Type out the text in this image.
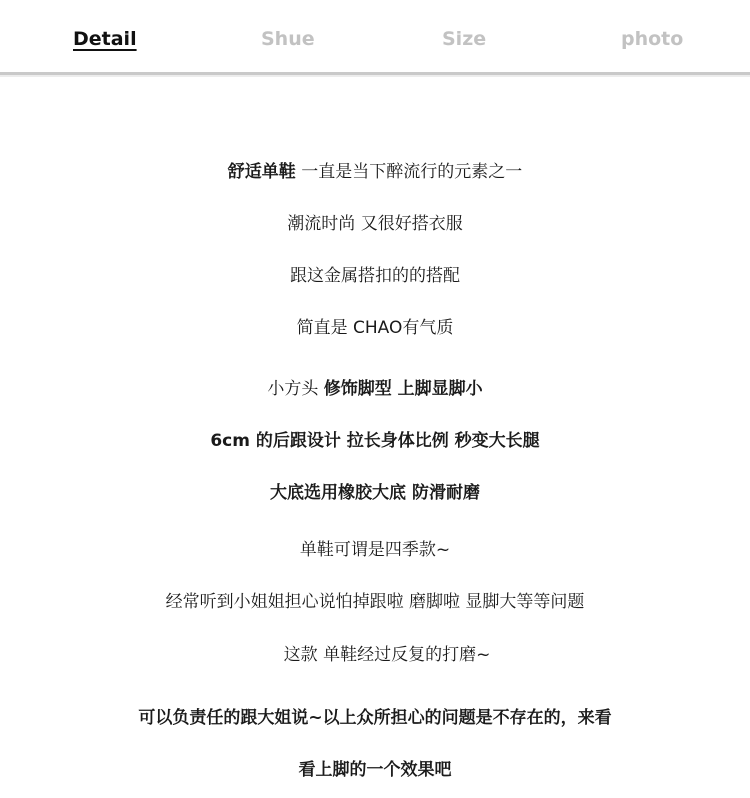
Detail	Shue	Size	photo
舒适单鞋 一直是当下醉流行的元素之一
潮流时尚 又很好搭衣服
跟这金属搭扣的的搭配
简直是 CHAO有气质
小方头 修饰脚型 上脚显脚小
6cm 的后跟设计 拉长身体比例 秒变大长腿
大底选用橡胶大底 防滑耐磨
单鞋可谓是四季款~
经常听到小姐姐担心说怕掉跟啦 磨脚啦 显脚大等等问题
这款 单鞋经过反复的打磨~
可以负责任的跟大姐说~以上众所担心的问题是不存在的，来看
看上脚的一个效果吧
